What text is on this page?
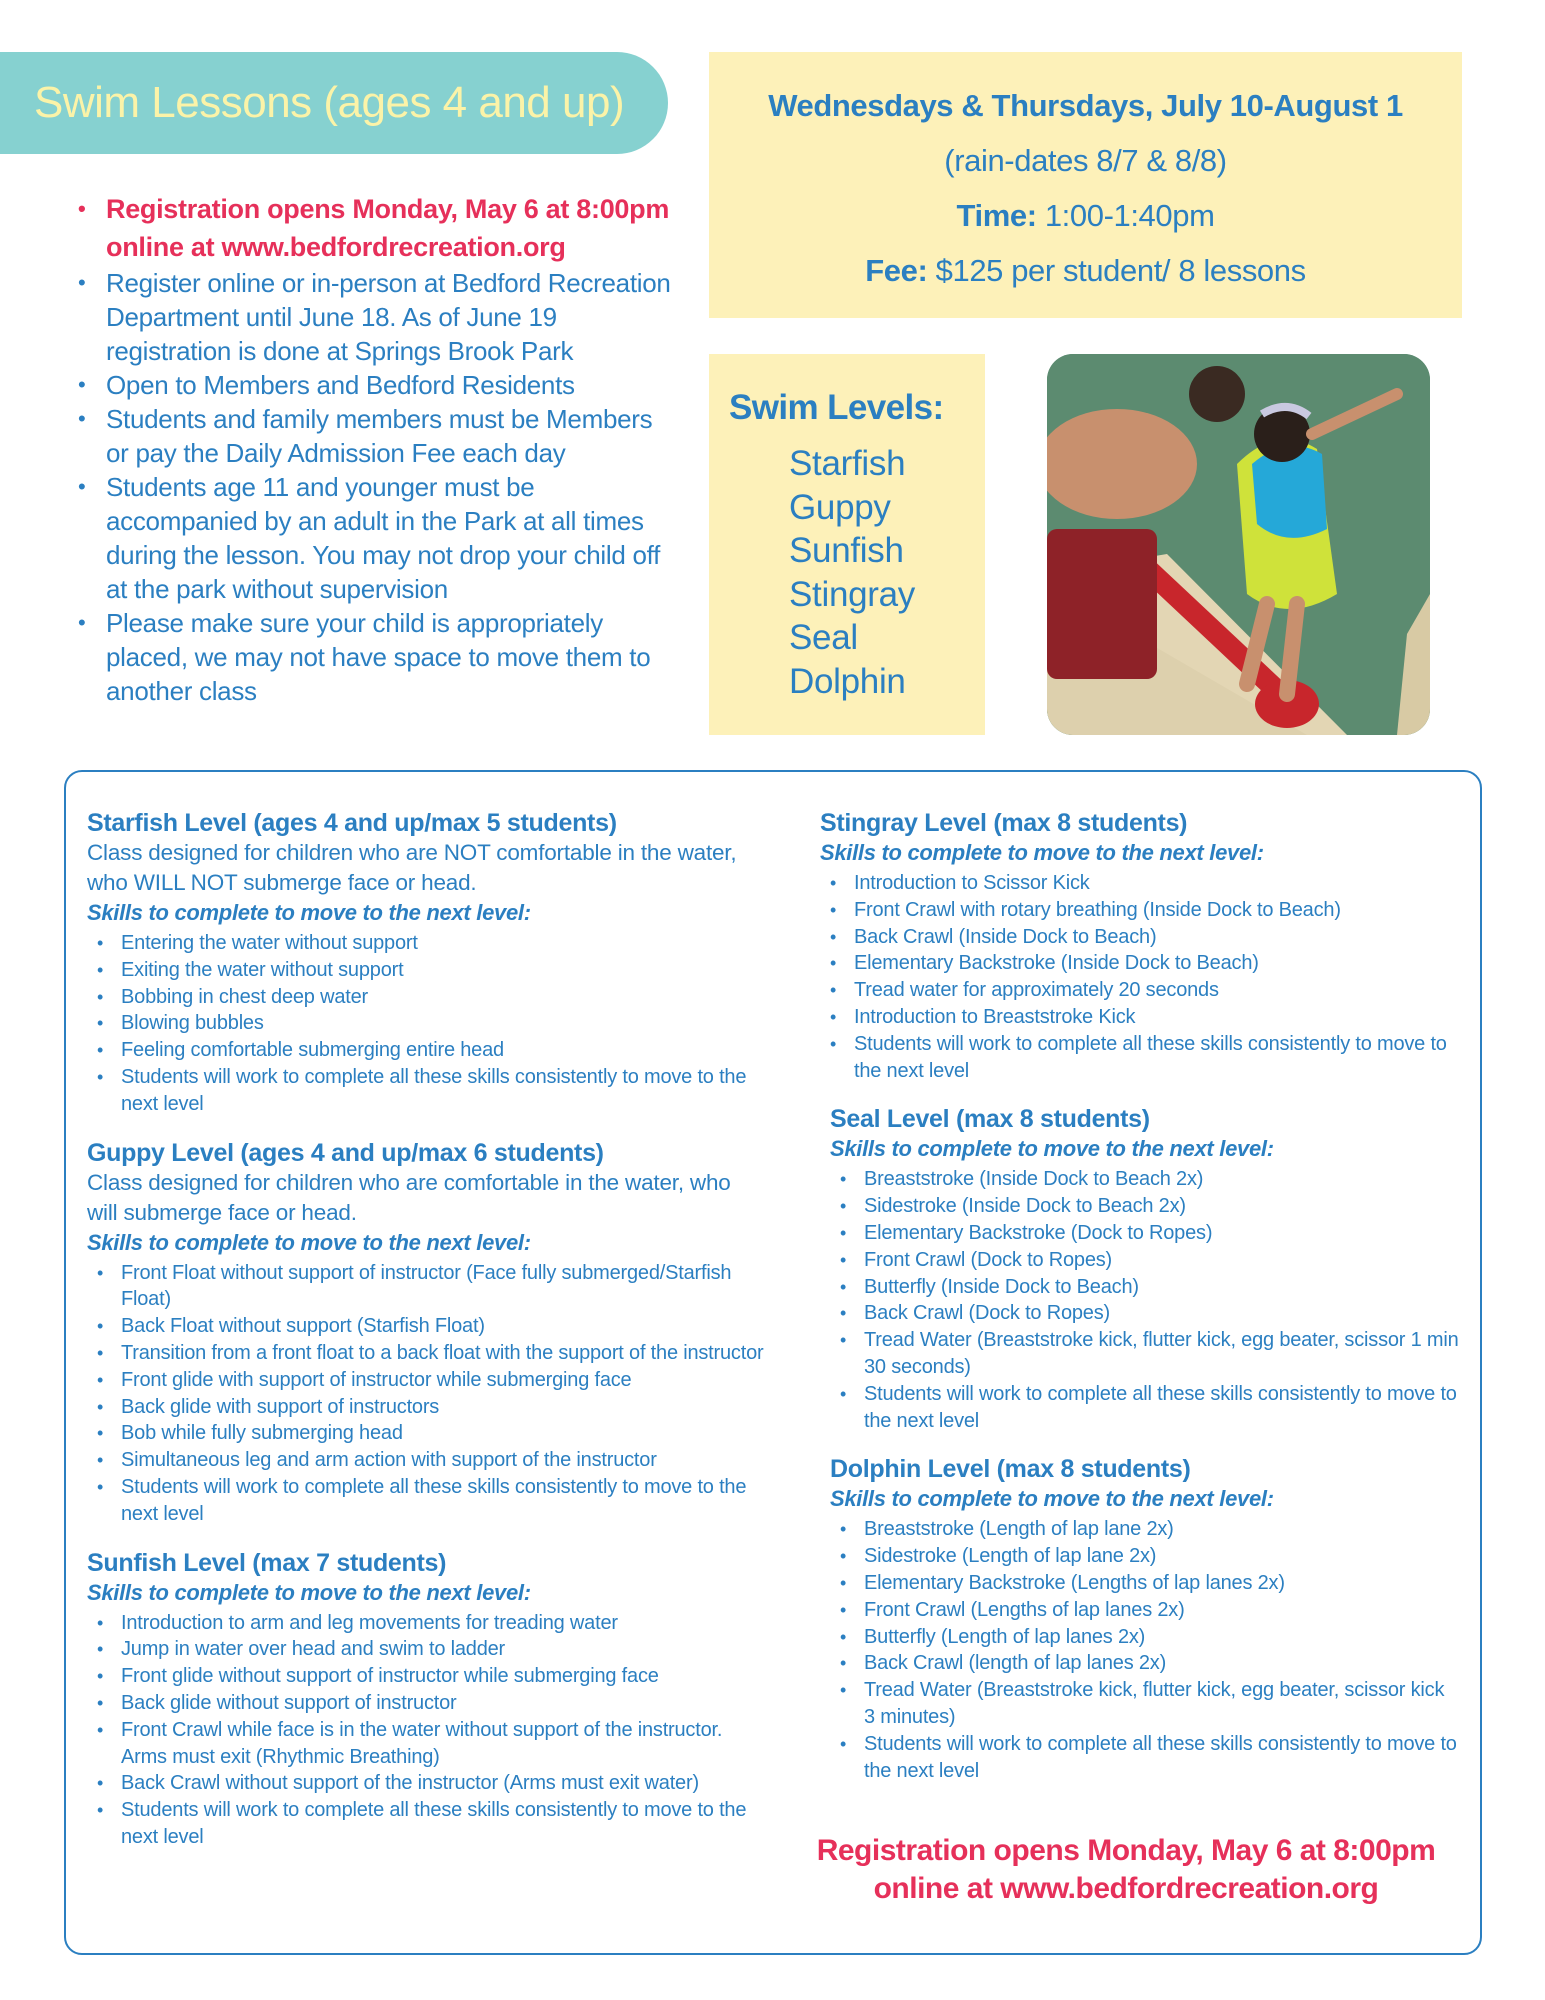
Swim Lessons (ages 4 and up)	Wednesdays & Thursdays, July 10-August 1
(rain-dates 8/7 & 8/8)
Time: 1:00-1:40pm
Fee: $125 per student/ 8 lessons
• Registration opens Monday, May 6 at 8:00pm online at www.bedfordrecreation.org
• Register online or in-person at Bedford Recreation Department until June 18. As of June 19 registration is done at Springs Brook Park
• Open to Members and Bedford Residents
• Students and family members must be Members or pay the Daily Admission Fee each day
• Students age 11 and younger must be accompanied by an adult in the Park at all times during the lesson. You may not drop your child off at the park without supervision
• Please make sure your child is appropriately placed, we may not have space to move them to another class
Swim Levels:
Starfish
Guppy
Sunfish
Stingray
Seal
Dolphin
Starfish Level (ages 4 and up/max 5 students)
Class designed for children who are NOT comfortable in the water, who WILL NOT submerge face or head.
Skills to complete to move to the next level:
• Entering the water without support
• Exiting the water without support
• Bobbing in chest deep water
• Blowing bubbles
• Feeling comfortable submerging entire head
• Students will work to complete all these skills consistently to move to the next level
Guppy Level (ages 4 and up/max 6 students)
Class designed for children who are comfortable in the water, who will submerge face or head.
Skills to complete to move to the next level:
• Front Float without support of instructor (Face fully submerged/Starfish Float)
• Back Float without support (Starfish Float)
• Transition from a front float to a back float with the support of the instructor
• Front glide with support of instructor while submerging face
• Back glide with support of instructors
• Bob while fully submerging head
• Simultaneous leg and arm action with support of the instructor
• Students will work to complete all these skills consistently to move to the next level
Sunfish Level (max 7 students)
Skills to complete to move to the next level:
• Introduction to arm and leg movements for treading water
• Jump in water over head and swim to ladder
• Front glide without support of instructor while submerging face
• Back glide without support of instructor
• Front Crawl while face is in the water without support of the instructor. Arms must exit (Rhythmic Breathing)
• Back Crawl without support of the instructor (Arms must exit water)
• Students will work to complete all these skills consistently to move to the next level
Stingray Level (max 8 students)
Skills to complete to move to the next level:
• Introduction to Scissor Kick
• Front Crawl with rotary breathing (Inside Dock to Beach)
• Back Crawl (Inside Dock to Beach)
• Elementary Backstroke (Inside Dock to Beach)
• Tread water for approximately 20 seconds
• Introduction to Breaststroke Kick
• Students will work to complete all these skills consistently to move to the next level
Seal Level (max 8 students)
Skills to complete to move to the next level:
• Breaststroke (Inside Dock to Beach 2x)
• Sidestroke (Inside Dock to Beach 2x)
• Elementary Backstroke (Dock to Ropes)
• Front Crawl (Dock to Ropes)
• Butterfly (Inside Dock to Beach)
• Back Crawl (Dock to Ropes)
• Tread Water (Breaststroke kick, flutter kick, egg beater, scissor 1 min 30 seconds)
• Students will work to complete all these skills consistently to move to the next level
Dolphin Level (max 8 students)
Skills to complete to move to the next level:
• Breaststroke (Length of lap lane 2x)
• Sidestroke (Length of lap lane 2x)
• Elementary Backstroke (Lengths of lap lanes 2x)
• Front Crawl (Lengths of lap lanes 2x)
• Butterfly (Length of lap lanes 2x)
• Back Crawl (length of lap lanes 2x)
• Tread Water (Breaststroke kick, flutter kick, egg beater, scissor kick 3 minutes)
• Students will work to complete all these skills consistently to move to the next level
Registration opens Monday, May 6 at 8:00pm
online at www.bedfordrecreation.org
